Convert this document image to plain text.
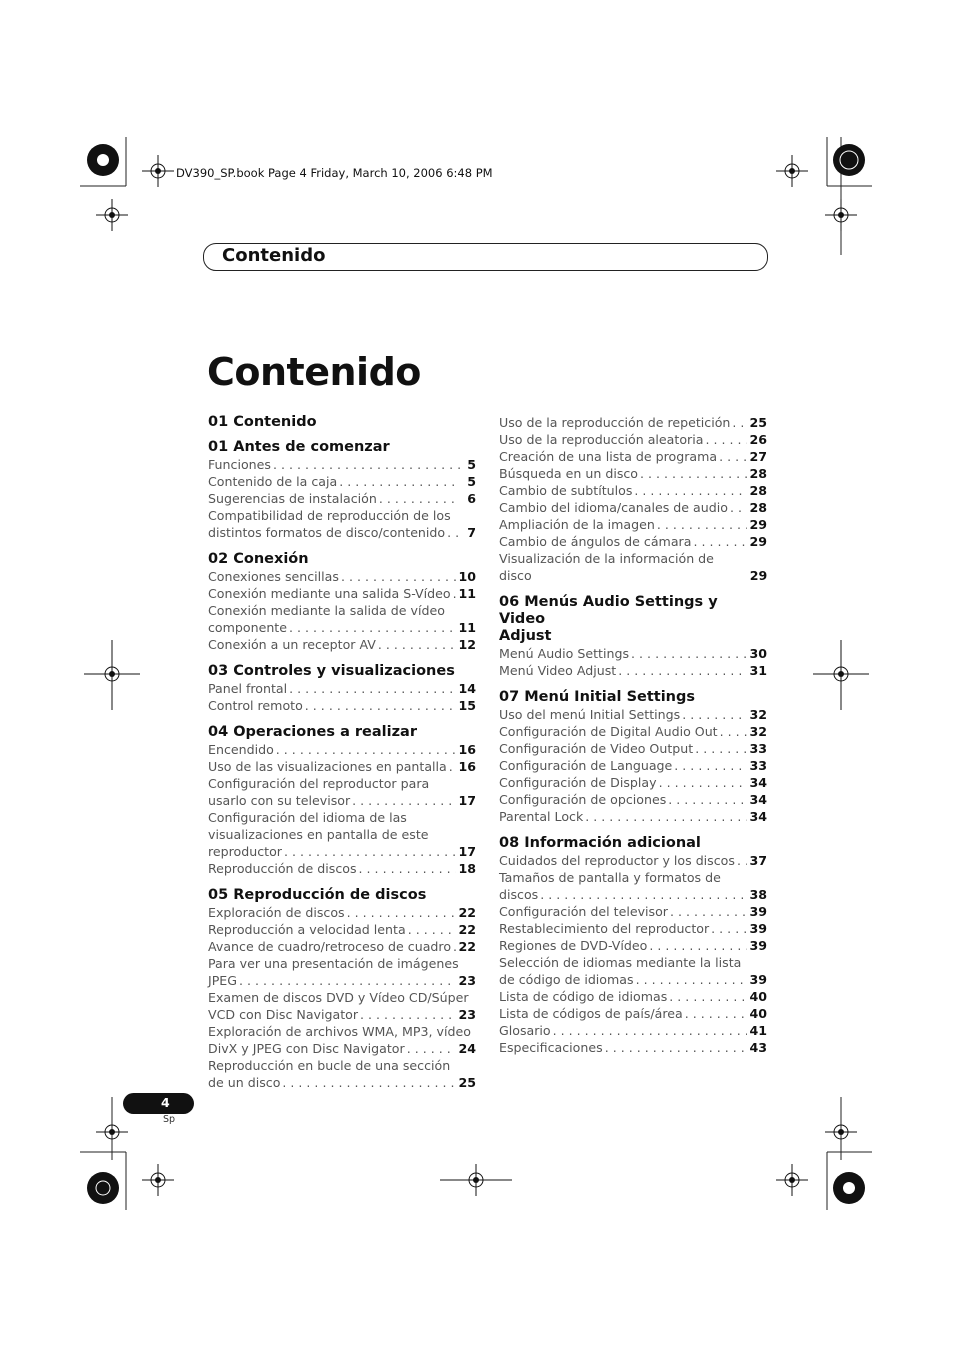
DV390_SP.book Page 4 Friday, March 10, 2006 6:48 PM
Contenido
Contenido
01 Contenido
01 Antes de comenzar
Funciones . . .	5
Contenido de la caja . . .	5
Sugerencias de instalación . . .	6
Compatibilidad de reproducción de los
distintos formatos de disco/contenido . . .	7
02 Conexión
Conexiones sencillas . . .	10
Conexión mediante una salida S-Vídeo . . . 11
Conexión mediante la salida de vídeo
componente . . .	11
Conexión a un receptor AV . . .	12
03 Controles y visualizaciones
Panel frontal . . .	14
Control remoto . . .	15
04 Operaciones a realizar
Encendido . . .	16
Uso de las visualizaciones en pantalla . . . 16
Configuración del reproductor para
usarlo con su televisor . . .	17
Configuración del idioma de las
visualizaciones en pantalla de este
reproductor . . .	17
Reproducción de discos . . .	18
05 Reproducción de discos
Exploración de discos . . .	22
Reproducción a velocidad lenta . . .	22
Avance de cuadro/retroceso de cuadro . . . 22
Para ver una presentación de imágenes
JPEG . . .	23
Examen de discos DVD y Vídeo CD/Súper
VCD con Disc Navigator . . .	23
Exploración de archivos WMA, MP3, vídeo
DivX y JPEG con Disc Navigator . . .	24
Reproducción en bucle de una sección
de un disco . . .	25
Uso de la reproducción de repetición . . . 25
Uso de la reproducción aleatoria . . .	26
Creación de una lista de programa . . .	27
Búsqueda en un disco . . .	28
Cambio de subtítulos . . .	28
Cambio del idioma/canales de audio . . . 28
Ampliación de la imagen . . .	29
Cambio de ángulos de cámara . . .	29
Visualización de la información de disco	29
06 Menús Audio Settings y Video
Adjust
Menú Audio Settings . . .	30
Menú Video Adjust . . .	31
07 Menú Initial Settings
Uso del menú Initial Settings . . .	32
Configuración de Digital Audio Out . . .	32
Configuración de Video Output . . .	33
Configuración de Language . . .	33
Configuración de Display . . .	34
Configuración de opciones . . .	34
Parental Lock . . .	34
08 Información adicional
Cuidados del reproductor y los discos . . . 37
Tamaños de pantalla y formatos de
discos . . .	38
Configuración del televisor . . .	39
Restablecimiento del reproductor . . .	39
Regiones de DVD-Vídeo . . .	39
Selección de idiomas mediante la lista
de código de idiomas . . .	39
Lista de código de idiomas . . .	40
Lista de códigos de país/área . . .	40
Glosario . . .	41
Especificaciones . . .	43
4
Sp
